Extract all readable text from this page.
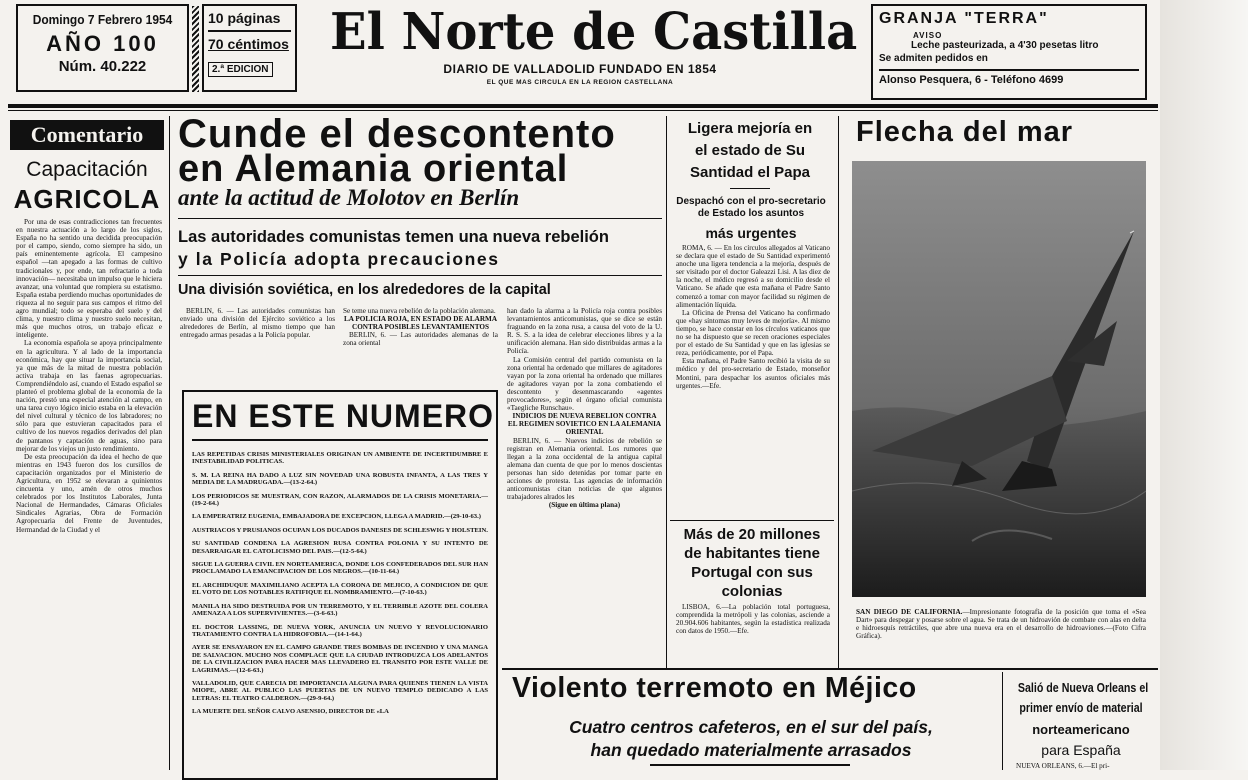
Domingo 7 Febrero 1954
AÑO 100
Núm. 40.222
10 páginas
70 céntimos
2.ª EDICION
El Norte de Castilla
DIARIO DE VALLADOLID FUNDADO EN 1854
EL QUE MAS CIRCULA EN LA REGION CASTELLANA
GRANJA "TERRA"
AVISO
Leche pasteurizada, a 4'30 pesetas litro
Se admiten pedidos en
Alonso Pesquera, 6 - Teléfono 4699
Comentario
Capacitación
AGRICOLA

Por una de esas contradicciones tan frecuentes en nuestra actuación a lo largo de los siglos, España no ha sentido una decidida preocupación por el campo, siendo, como siempre ha sido, un país eminentemente agrícola. El campesino español —tan apegado a las formas de cultivo tradicionales y, por ende, tan refractario a toda innovación— necesitaba un impulso que le hiciera avanzar, una voluntad que rompiera su estatismo. España estaba perdiendo muchas oportunidades de riqueza al no seguir para sus campos el ritmo del agro mundial; todo se esperaba del suelo y del clima, y nuestro clima y nuestro suelo necesitan, más que muchos otros, un trabajo eficaz e inteligente.

La economía española se apoya principalmente en la agricultura. Y al lado de la importancia económica, hay que situar la importancia social, ya que más de la mitad de nuestra población activa trabaja en las faenas agropecuarias. Comprendiéndolo así, cuando el Estado español se planteó el problema global de la economía de la nación, prestó una especial atención al campo, en una tarea cuyo lógico inicio estaba en la elevación del nivel cultural y técnico de los labradores; no sólo para que estuvieran capacitados para el cultivo de los nuevos regadíos derivados del plan de pantanos y captación de aguas, sino para mejorar de los viejos un justo rendimiento.

De esta preocupación da idea el hecho de que mientras en 1943 fueron dos los cursillos de capacitación organizados por el Ministerio de Agricultura, en 1952 se elevaran a quinientos cincuenta y uno, amén de otros muchos celebrados por los Institutos Laborales, Junta Nacional de Hermandades, Cámaras Oficiales Sindicales Agrarias, Obra de Formación Agropecuaria del Frente de Juventudes, Hermandad de la Ciudad y el

Cunde el descontento
en Alemania oriental
ante la actitud de Molotov en Berlín
Las autoridades comunistas temen una nueva rebelión
y la Policía adopta precauciones
Una división soviética, en los alrededores de la capital

BERLIN, 6. — Las autoridades comunistas han enviado una división del Ejército soviético a los alrededores de Berlín, al mismo tiempo que han entregado armas pesadas a la Policía popular.

Se teme una nueva rebelión de la población alemana.

LA POLICIA ROJA, EN ESTADO DE ALARMA CONTRA POSIBLES LEVANTAMIENTOS

BERLIN, 6. — Las autoridades alemanas de la zona oriental

han dado la alarma a la Policía roja contra posibles levantamientos anticomunistas, que se dice se están fraguando en la zona rusa, a causa del voto de la U. R. S. S. a la idea de celebrar elecciones libres y a la unificación alemana. Han sido distribuidas armas a la Policía.

La Comisión central del partido comunista en la zona oriental ha ordenado que millares de agitadores vayan por la zona oriental ha ordenado que millares de agitadores vayan por la zona combatiendo el descontento y desenmascarando «agentes provocadores», según el órgano oficial comunista «Taegliche Runschau».

INDICIOS DE NUEVA REBELION CONTRA EL REGIMEN SOVIETICO EN LA ALEMANIA ORIENTAL

BERLIN, 6. — Nuevos indicios de rebelión se registran en Alemania oriental. Los rumores que llegan a la zona occidental de la antigua capital alemana dan cuenta de que por lo menos doscientas personas han sido detenidas por tomar parte en acciones de protesta. Las agencias de información anticomunistas citan noticias de que algunos trabajadores alrados les

(Sigue en última plana)

EN ESTE NUMERO

LAS REPETIDAS CRISIS MINISTERIALES ORIGINAN UN AMBIENTE DE INCERTIDUMBRE E INESTABILIDAD POLITICAS.

S. M. LA REINA HA DADO A LUZ SIN NOVEDAD UNA ROBUSTA INFANTA, A LAS TRES Y MEDIA DE LA MADRUGADA.—(13-2-64.)

LOS PERIODICOS SE MUESTRAN, CON RAZON, ALARMADOS DE LA CRISIS MONETARIA.—(19-2-64.)

LA EMPERATRIZ EUGENIA, EMBAJADORA DE EXCEPCION, LLEGA A MADRID.—(29-10-63.)

AUSTRIACOS Y PRUSIANOS OCUPAN LOS DUCADOS DANESES DE SCHLESWIG Y HOLSTEIN.

SU SANTIDAD CONDENA LA AGRESION RUSA CONTRA POLONIA Y SU INTENTO DE DESARRAIGAR EL CATOLICISMO DEL PAIS.—(12-5-64.)

SIGUE LA GUERRA CIVIL EN NORTEAMERICA, DONDE LOS CONFEDERADOS DEL SUR HAN PROCLAMADO LA EMANCIPACION DE LOS NEGROS.—(10-11-64.)

EL ARCHIDUQUE MAXIMILIANO ACEPTA LA CORONA DE MEJICO, A CONDICION DE QUE EL VOTO DE LOS NOTABLES RATIFIQUE EL NOMBRAMIENTO.—(7-10-63.)

MANILA HA SIDO DESTRUIDA POR UN TERREMOTO, Y EL TERRIBLE AZOTE DEL COLERA AMENAZA A LOS SUPERVIVIENTES.—(3-6-63.)

EL DOCTOR LASSING, DE NUEVA YORK, ANUNCIA UN NUEVO Y REVOLUCIONARIO TRATAMIENTO CONTRA LA HIDROFOBIA.—(14-1-64.)

AYER SE ENSAYARON EN EL CAMPO GRANDE TRES BOMBAS DE INCENDIO Y UNA MANGA DE SALVACION. MUCHO NOS COMPLACE QUE LA CIUDAD INTRODUZCA LOS ADELANTOS DE LA CIVILIZACION PARA HACER MAS LLEVADERO EL TRANSITO POR ESTE VALLE DE LAGRIMAS.—(12-6-63.)

VALLADOLID, QUE CARECIA DE IMPORTANCIA ALGUNA PARA QUIENES TIENEN LA VISTA MIOPE, ABRE AL PUBLICO LAS PUERTAS DE UN NUEVO TEMPLO DEDICADO A LAS LETRAS: EL TEATRO CALDERON.—(29-9-64.)

LA MUERTE DEL SEÑOR CALVO ASENSIO, DIRECTOR DE «LA

Ligera mejoría en
el estado de Su
Santidad el Papa
Despachó con el pro-secretario de Estado los asuntos
más urgentes

ROMA, 6. — En los círculos allegados al Vaticano se declara que el estado de Su Santidad experimentó anoche una ligera tendencia a la mejoría, después de ser visitado por el doctor Galeazzi Lisi. A las diez de la noche, el médico regresó a su domicilio desde el Vaticano. Se añade que esta mañana el Padre Santo comenzó a tomar con mayor facilidad su régimen de alimentación líquida.

La Oficina de Prensa del Vaticano ha confirmado que «hay síntomas muy leves de mejoría». Al mismo tiempo, se hace constar en los círculos vaticanos que no se ha dispuesto que se recen oraciones especiales por el estado de Su Santidad y que en las iglesias se reza, periódicamente, por el Papa.

Esta mañana, el Padre Santo recibió la visita de su médico y del pro-secretario de Estado, monseñor Montini, para despachar los asuntos oficiales más urgentes.—Efe.

Más de 20 millones
de habitantes tiene
Portugal con sus
colonias

LISBOA, 6.—La población total portuguesa, comprendida la metrópoli y las colonias, asciende a 20.904.606 habitantes, según la estadística realizada con datos de 1950.—Efe.

Flecha del mar
SAN DIEGO DE CALIFORNIA.—Impresionante fotografía de la posición que toma el «Sea Dart» para despegar y posarse sobre el agua. Se trata de un hidroavión de combate con alas en delta e hidroesquís retráctiles, que abre una nueva era en el desarrollo de hidroaviones.—(Foto Cifra Gráfica).
Violento terremoto en Méjico
Cuatro centros cafeteros, en el sur del país,
han quedado materialmente arrasados
Salió de Nueva Orleans el
primer envío de material
norteamericano
para España

NUEVA ORLEANS, 6.—El pri-
